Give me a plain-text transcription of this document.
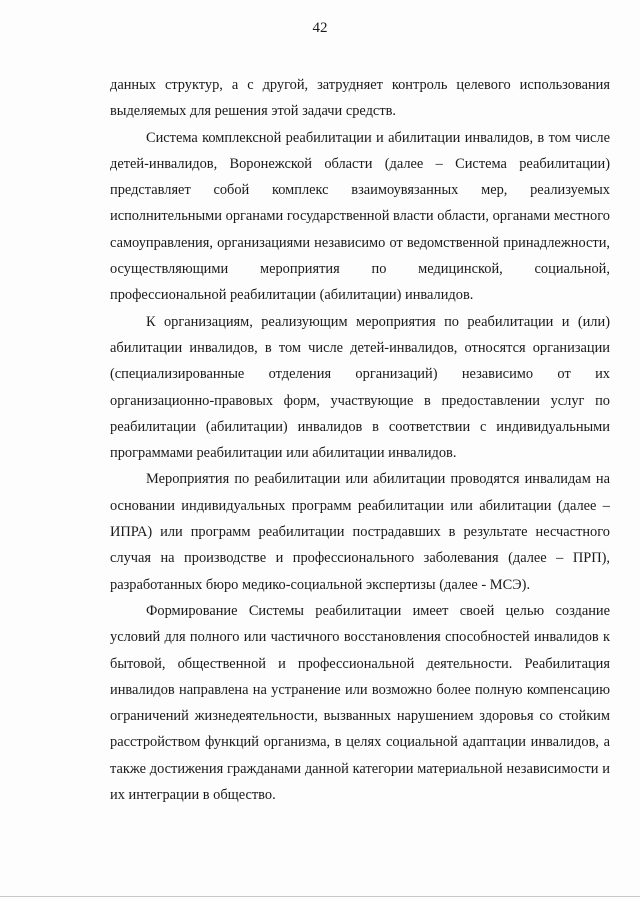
42

данных структур, а с другой, затрудняет контроль целевого использования выделяемых для решения этой задачи средств.

Система комплексной реабилитации и абилитации инвалидов, в том числе детей-инвалидов, Воронежской области (далее – Система реабилитации) представляет собой комплекс взаимоувязанных мер, реализуемых исполнительными органами государственной власти области, органами местного самоуправления, организациями независимо от ведомственной принадлежности, осуществляющими мероприятия по медицинской, социальной, профессиональной реабилитации (абилитации) инвалидов.

К организациям, реализующим мероприятия по реабилитации и (или) абилитации инвалидов, в том числе детей-инвалидов, относятся организации (специализированные отделения организаций) независимо от их организационно-правовых форм, участвующие в предоставлении услуг по реабилитации (абилитации) инвалидов в соответствии с индивидуальными программами реабилитации или абилитации инвалидов.

Мероприятия по реабилитации или абилитации проводятся инвалидам на основании индивидуальных программ реабилитации или абилитации (далее – ИПРА) или программ реабилитации пострадавших в результате несчастного случая на производстве и профессионального заболевания (далее – ПРП), разработанных бюро медико-социальной экспертизы (далее - МСЭ).

Формирование Системы реабилитации имеет своей целью создание условий для полного или частичного восстановления способностей инвалидов к бытовой, общественной и профессиональной деятельности. Реабилитация инвалидов направлена на устранение или возможно более полную компенсацию ограничений жизнедеятельности, вызванных нарушением здоровья со стойким расстройством функций организма, в целях социальной адаптации инвалидов, а также достижения гражданами данной категории материальной независимости и их интеграции в общество.
